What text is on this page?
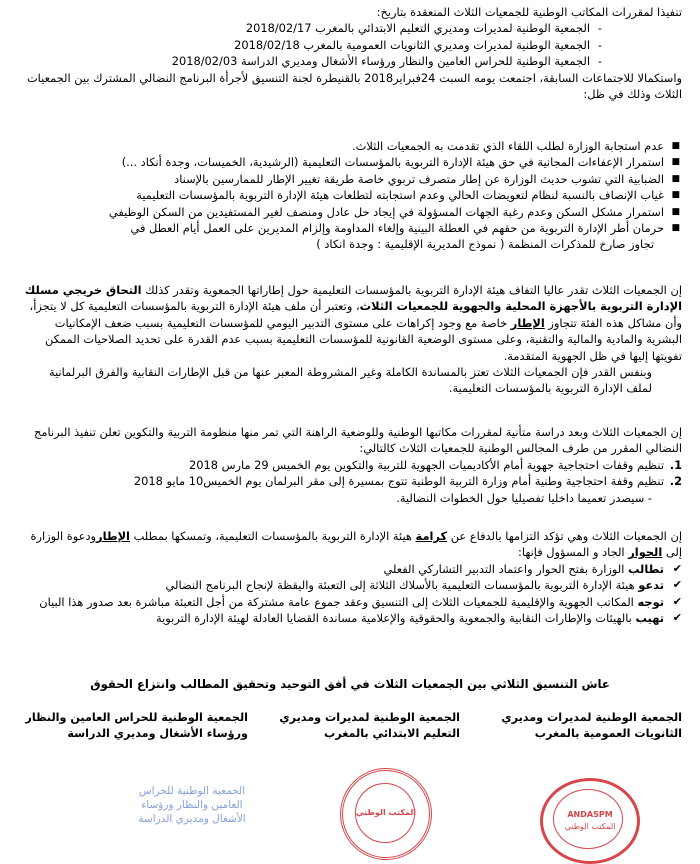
تنفيذا لمقررات المكاتب الوطنية للجمعيات الثلاث المنعقدة بتاريخ:

- الجمعية الوطنية لمديرات ومديري التعليم الابتدائي بالمغرب 2018/02/17
- الجمعية الوطنية لمديرات ومديري الثانويات العمومية بالمغرب 2018/02/18
- الجمعية الوطنية للحراس العامين والنظار ورؤساء الأشغال ومديري الدراسة 2018/02/03

واستكمالا للاجتماعات السابقة، اجتمعت يومه السبت 24فبراير2018 بالقنيطرة لجنة التنسيق لأجرأة البرنامج النضالي المشترك بين الجمعيات الثلاث وذلك في ظل:

■ عدم استجابة الوزارة لطلب اللقاء الذي تقدمت به الجمعيات الثلاث.
■ استمرار الإعفاءات المجانية في حق هيئة الإدارة التربوية بالمؤسسات التعليمية (الرشيدية، الخميسات، وجدة أنكاد ...)
■ الضبابية التي تشوب حديث الوزارة عن إطار متصرف تربوي خاصة طريقة تغيير الإطار للممارسين بالإسناد
■ غياب الإنصاف بالنسبة لنظام لتعويضات الحالي وعدم استجابته لتطلعات هيئة الإدارة التربوية بالمؤسسات التعليمية
■ استمرار مشكل السكن وعدم رغبة الجهات المسؤولة في إيجاد حل عادل ومنصف لغير المستفيدين من السكن الوظيفي
■ حرمان أطر الإدارة التربوية من حقهم في العطلة البينية وإلغاء المداومة وإلزام المديرين على العمل أيام العطل في
تجاوز صارخ للمذكرات المنظمة ( نموذج المديرية الإقليمية : وجدة انكاد )

إن الجمعيات الثلاث تقدر عاليا التفاف هيئة الإدارة التربوية بالمؤسسات التعليمية حول إطاراتها الجمعوية وتقدر كذلك التحاق خريجي مسلك الإدارة التربوية بالأجهزة المحلية والجهوية للجمعيات الثلاث، وتعتبر أن ملف هيئة الإدارة التربوية بالمؤسسات التعليمية كل لا يتجزأ، وأن مشاكل هذه الفئة تتجاوز الإطار خاصة مع وجود إكراهات على مستوى التدبير اليومي للمؤسسات التعليمية بسبب ضعف الإمكانيات البشرية والمادية والمالية والتقنية، وعلى مستوى الوضعية القانونية للمؤسسات التعليمية بسبب عدم القدرة على تحديد الصلاحيات الممكن تفويتها إليها في ظل الجهوية المتقدمة.

وبنفس القدر فإن الجمعيات الثلاث تعتز بالمساندة الكاملة وغير المشروطة المعبر عنها من قبل الإطارات النقابية والفرق البرلمانية لملف الإدارة التربوية بالمؤسسات التعليمية.

إن الجمعيات الثلاث وبعد دراسة متأنية لمقررات مكاتبها الوطنية وللوضعية الراهنة التي تمر منها منظومة التربية والتكوين تعلن تنفيذ البرنامج النضالي المقرر من طرف المجالس الوطنية للجمعيات الثلاث كالتالي:

1.
تنظيم وقفات احتجاجية جهوية أمام الأكاديميات الجهوية للتربية والتكوين يوم الخميس 29 مارس 2018
2.
تنظيم وقفة احتجاجية وطنية أمام وزارة التربية الوطنية تتوج بمسيرة إلى مقر البرلمان يوم الخميس10 مايو 2018

- سيصدر تعميما داخليا تفصيليا حول الخطوات النضالية.

إن الجمعيات الثلاث وهي تؤكد التزامها بالدفاع عن كرامة هيئة الإدارة التربوية بالمؤسسات التعليمية، وتمسكها بمطلب الإطارودعوة الوزارة إلى الحوار الجاد و المسؤول فإنها:

✔ تطالب الوزارة بفتح الحوار واعتماد التدبير التشاركي الفعلي
✔ تدعو هيئة الإدارة التربوية بالمؤسسات التعليمية بالأسلاك الثلاثة إلى التعبئة واليقظة لإنجاح البرنامج النضالي
✔ توجه المكاتب الجهوية والإقليمية للجمعيات الثلاث إلى التنسيق وعقد جموع عامة مشتركة من أجل التعبئة مباشرة بعد صدور هذا البيان
✔ تهيب بالهيئات والإطارات النقابية والجمعوية والحقوقية والإعلامية مساندة القضايا العادلة لهيئة الإدارة التربوية

عاش التنسيق الثلاثي بين الجمعيات الثلاث في أفق التوحيد وتحقيق المطالب وانتزاع الحقوق

الجمعية الوطنية لمديرات ومديري
الثانويات العمومية بالمغرب
الجمعية الوطنية لمديرات ومديري
التعليم الابتدائي بالمغرب
الجمعية الوطنية للحراس العامين والنظار
ورؤساء الأشغال ومديري الدراسة
ANDASPM
المكتب الوطني
المكتب الوطني
الجمعية الوطنية للحراس
العامين والنظار ورؤساء
الأشغال ومديري الدراسة
